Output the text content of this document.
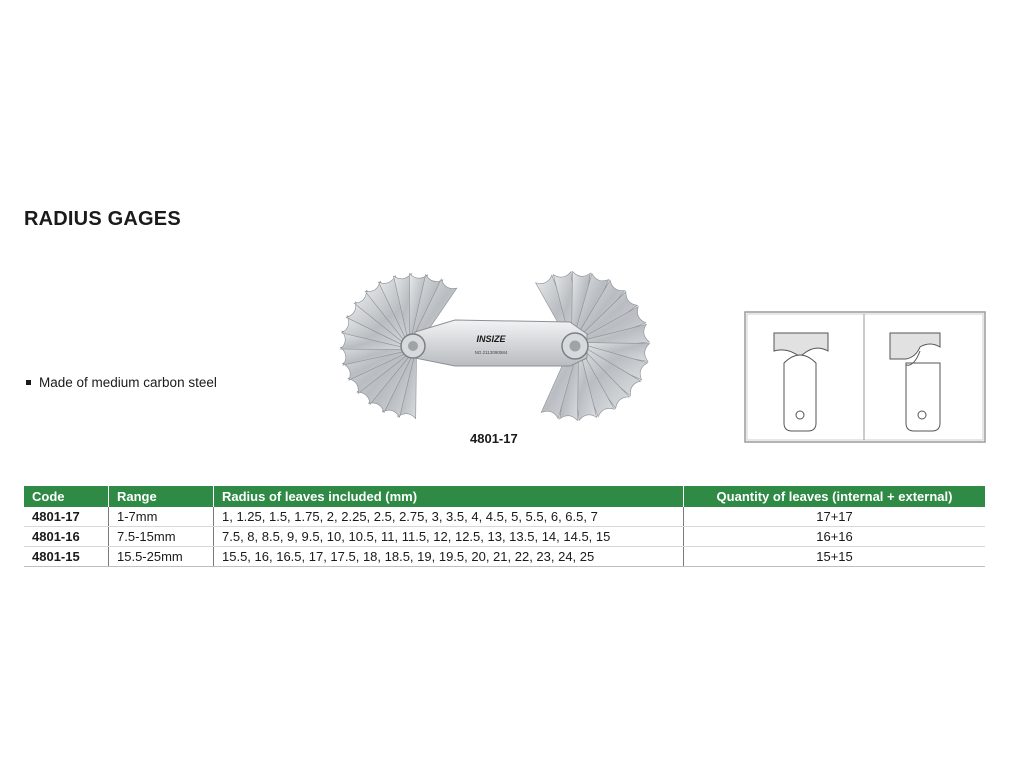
RADIUS GAGES
Made of medium carbon steel
INSIZE
NO.2113090584
4801-17
Code	Range	Radius of leaves included (mm)	Quantity of leaves (internal + external)
4801-17	1-7mm	1, 1.25, 1.5, 1.75, 2, 2.25, 2.5, 2.75, 3, 3.5, 4, 4.5, 5, 5.5, 6, 6.5, 7	17+17
4801-16	7.5-15mm	7.5, 8, 8.5, 9, 9.5, 10, 10.5, 11, 11.5, 12, 12.5, 13, 13.5, 14, 14.5, 15	16+16
4801-15	15.5-25mm	15.5, 16, 16.5, 17, 17.5, 18, 18.5, 19, 19.5, 20, 21, 22, 23, 24, 25	15+15
